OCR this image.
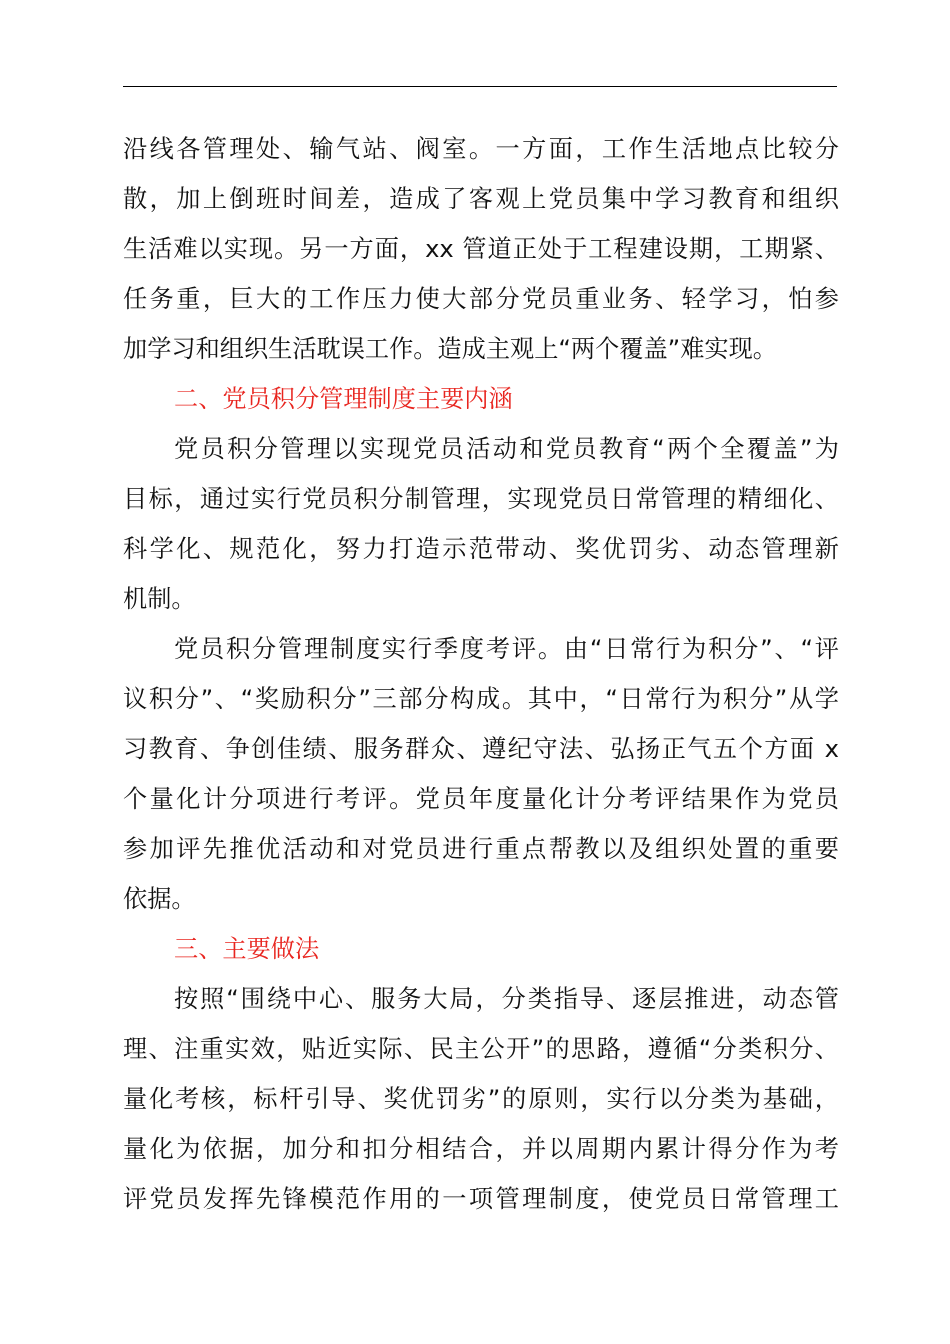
沿线各管理处、输气站、阀室。一方面，工作生活地点比较分
散，加上倒班时间差，造成了客观上党员集中学习教育和组织
生活难以实现。另一方面，xx 管道正处于工程建设期，工期紧、
任务重，巨大的工作压力使大部分党员重业务、轻学习，怕参
加学习和组织生活耽误工作。造成主观上“两个覆盖”难实现。
二、党员积分管理制度主要内涵
党员积分管理以实现党员活动和党员教育“两个全覆盖”为
目标，通过实行党员积分制管理，实现党员日常管理的精细化、
科学化、规范化，努力打造示范带动、奖优罚劣、动态管理新
机制。
党员积分管理制度实行季度考评。由“日常行为积分”、“评
议积分”、“奖励积分”三部分构成。其中，“日常行为积分”从学
习教育、争创佳绩、服务群众、遵纪守法、弘扬正气五个方面 x
个量化计分项进行考评。党员年度量化计分考评结果作为党员
参加评先推优活动和对党员进行重点帮教以及组织处置的重要
依据。
三、主要做法
按照“围绕中心、服务大局，分类指导、逐层推进，动态管
理、注重实效，贴近实际、民主公开”的思路，遵循“分类积分、
量化考核，标杆引导、奖优罚劣”的原则，实行以分类为基础，
量化为依据，加分和扣分相结合，并以周期内累计得分作为考
评党员发挥先锋模范作用的一项管理制度，使党员日常管理工
